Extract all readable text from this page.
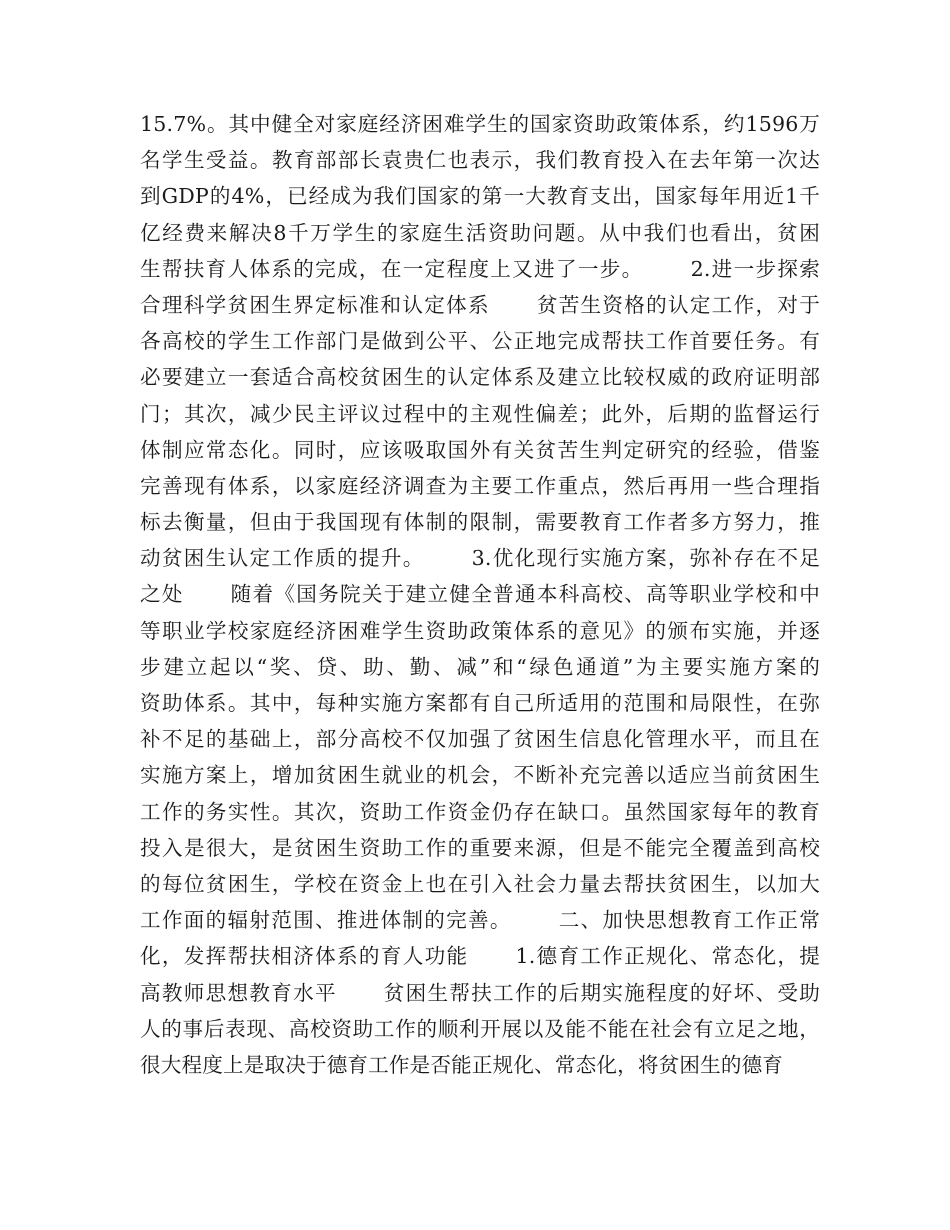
15.7%。其中健全对家庭经济困难学生的国家资助政策体系，约1596万
名学生受益。教育部部长袁贵仁也表示，我们教育投入在去年第一次达
到GDP的4%，已经成为我们国家的第一大教育支出，国家每年用近1千
亿经费来解决8千万学生的家庭生活资助问题。从中我们也看出，贫困
生帮扶育人体系的完成，在一定程度上又进了一步。      2.进一步探索
合理科学贫困生界定标准和认定体系      贫苦生资格的认定工作，对于
各高校的学生工作部门是做到公平、公正地完成帮扶工作首要任务。有
必要建立一套适合高校贫困生的认定体系及建立比较权威的政府证明部
门；其次，减少民主评议过程中的主观性偏差；此外，后期的监督运行
体制应常态化。同时，应该吸取国外有关贫苦生判定研究的经验，借鉴
完善现有体系，以家庭经济调查为主要工作重点，然后再用一些合理指
标去衡量，但由于我国现有体制的限制，需要教育工作者多方努力，推
动贫困生认定工作质的提升。      3.优化现行实施方案，弥补存在不足
之处      随着《国务院关于建立健全普通本科高校、高等职业学校和中
等职业学校家庭经济困难学生资助政策体系的意见》的颁布实施，并逐
步建立起以“奖、贷、助、勤、减”和“绿色通道”为主要实施方案的
资助体系。其中，每种实施方案都有自己所适用的范围和局限性，在弥
补不足的基础上，部分高校不仅加强了贫困生信息化管理水平，而且在
实施方案上，增加贫困生就业的机会，不断补充完善以适应当前贫困生
工作的务实性。其次，资助工作资金仍存在缺口。虽然国家每年的教育
投入是很大，是贫困生资助工作的重要来源，但是不能完全覆盖到高校
的每位贫困生，学校在资金上也在引入社会力量去帮扶贫困生，以加大
工作面的辐射范围、推进体制的完善。      二、加快思想教育工作正常
化，发挥帮扶相济体系的育人功能      1.德育工作正规化、常态化，提
高教师思想教育水平      贫困生帮扶工作的后期实施程度的好坏、受助
人的事后表现、高校资助工作的顺利开展以及能不能在社会有立足之地，
很大程度上是取决于德育工作是否能正规化、常态化，将贫困生的德育
